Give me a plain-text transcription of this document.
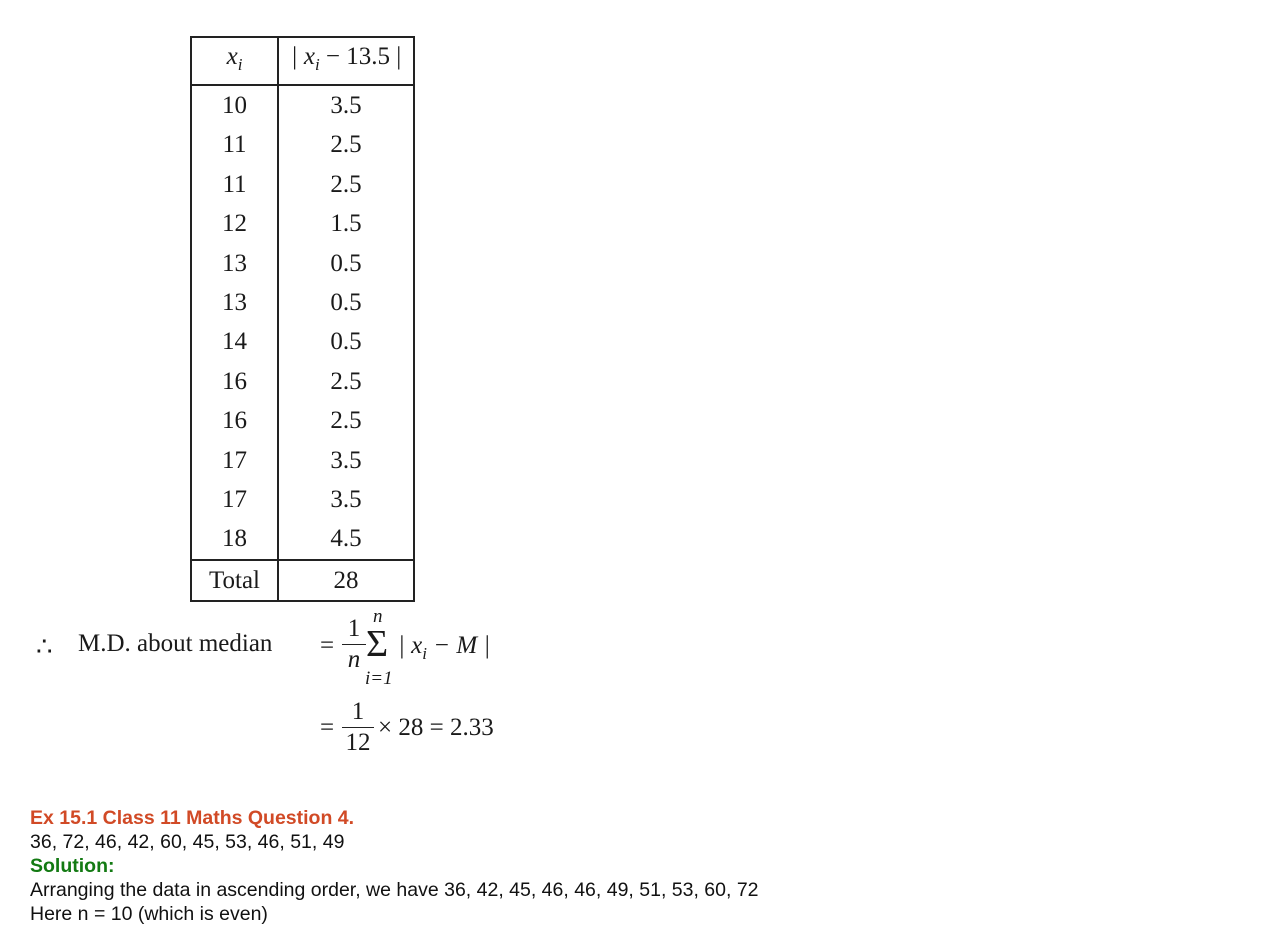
$x_i$	| $x_i - 13.5$ |
10	3.5
11	2.5
11	2.5
12	1.5
13	0.5
13	0.5
14	0.5
16	2.5
16	2.5
17	3.5
17	3.5
18	4.5
Total	28
∴ M.D. about median =
1
n
n
Σ
i=1
| $x_i - M$ |
=
1
12
× 28 = 2.33
Ex 15.1 Class 11 Maths Question 4.
36, 72, 46, 42, 60, 45, 53, 46, 51, 49
Solution:
Arranging the data in ascending order, we have 36, 42, 45, 46, 46, 49, 51, 53, 60, 72
Here n = 10 (which is even)
